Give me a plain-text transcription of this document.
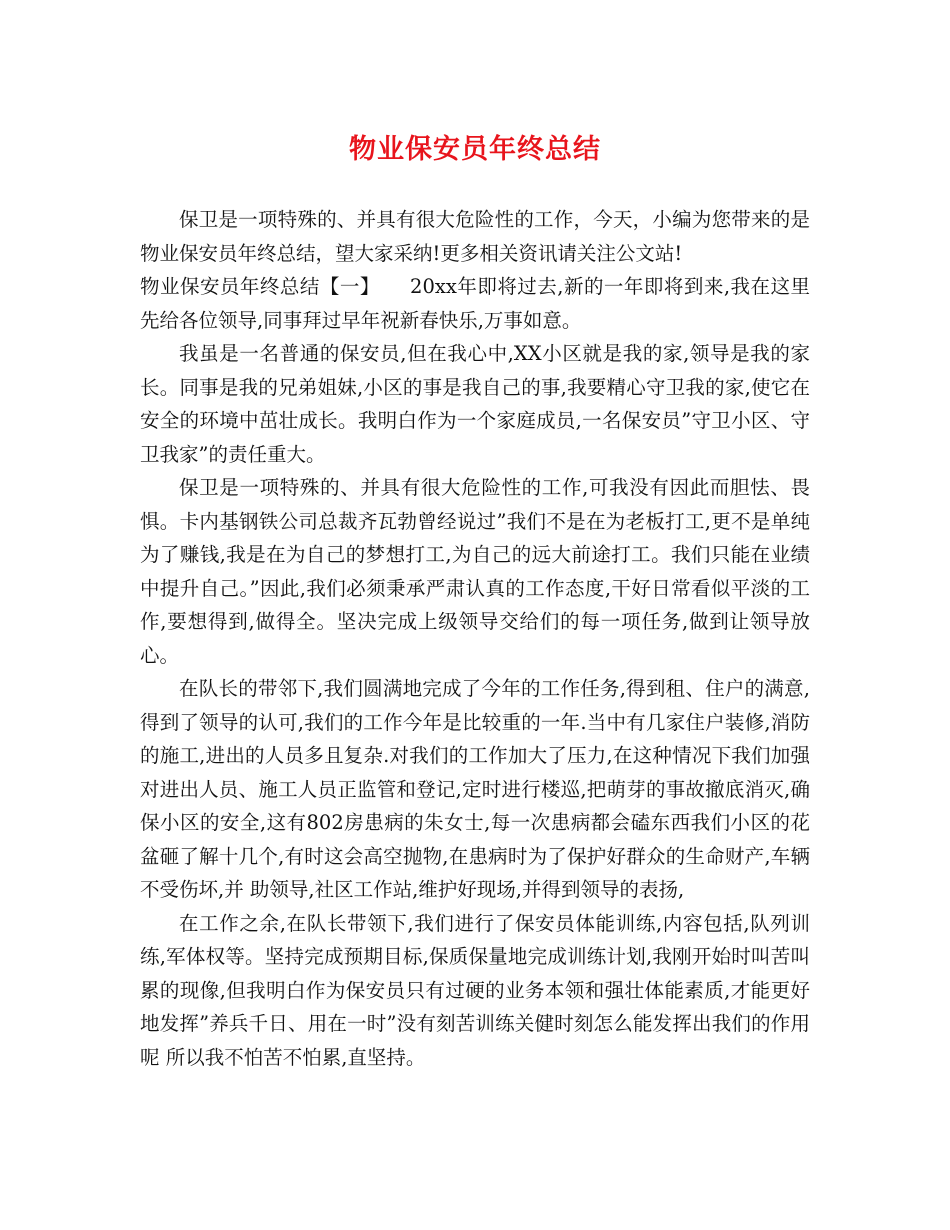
物业保安员年终总结

保卫是一项特殊的、并具有很大危险性的工作，今天，小编为您带来的是物业保安员年终总结，望大家采纳!更多相关资讯请关注公文站!

物业保安员年终总结【一】　　20xx年即将过去,新的一年即将到来,我在这里先给各位领导,同事拜过早年祝新春快乐,万事如意。

我虽是一名普通的保安员,但在我心中,XX小区就是我的家,领导是我的家长。同事是我的兄弟姐妹,小区的事是我自己的事,我要精心守卫我的家,使它在安全的环境中茁壮成长。我明白作为一个家庭成员,一名保安员”守卫小区、守卫我家”的责任重大。

保卫是一项特殊的、并具有很大危险性的工作,可我没有因此而胆怯、畏惧。卡内基钢铁公司总裁齐瓦勃曾经说过”我们不是在为老板打工,更不是单纯为了赚钱,我是在为自己的梦想打工,为自己的远大前途打工。我们只能在业绩中提升自己。”因此,我们必须秉承严肃认真的工作态度,干好日常看似平淡的工作,要想得到,做得全。坚决完成上级领导交给们的每一项任务,做到让领导放心。

在队长的带邻下,我们圆满地完成了今年的工作任务,得到租、住户的满意,得到了领导的认可,我们的工作今年是比较重的一年.当中有几家住户装修,消防的施工,进出的人员多且复杂.对我们的工作加大了压力,在这种情况下我们加强对进出人员、施工人员正监管和登记,定时进行楼巡,把萌芽的事故撤底消灭,确保小区的安全,这有802房患病的朱女士,每一次患病都会磕东西我们小区的花盆砸了解十几个,有时这会高空抛物,在患病时为了保护好群众的生命财产,车辆不受伤坏,并 助领导,社区工作站,维护好现场,并得到领导的表扬,

在工作之余,在队长带领下,我们进行了保安员体能训练,内容包括,队列训练,军体权等。坚持完成预期目标,保质保量地完成训练计划,我刚开始时叫苦叫累的现像,但我明白作为保安员只有过硬的业务本领和强壮体能素质,才能更好地发挥”养兵千日、用在一时”没有刻苦训练关健时刻怎么能发挥出我们的作用呢 所以我不怕苦不怕累,直坚持。
